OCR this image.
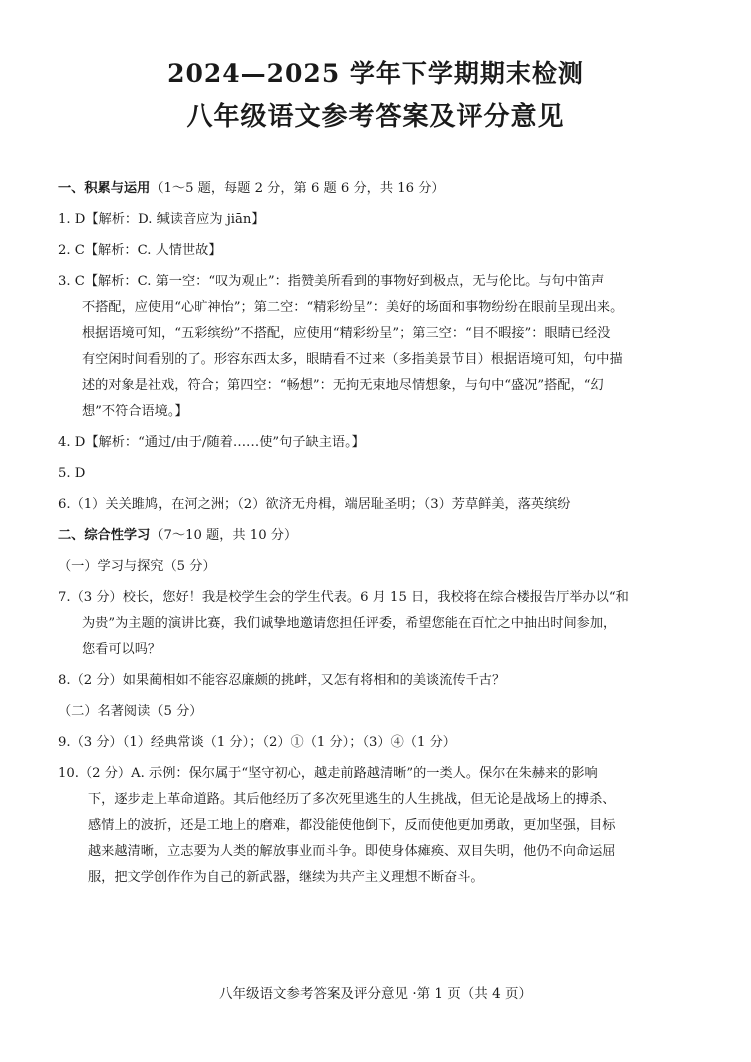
2024—2025 学年下学期期末检测
八年级语文参考答案及评分意见
一、积累与运用（1～5 题，每题 2 分，第 6 题 6 分，共 16 分）
1. D【解析：D. 缄读音应为 jiān】
2. C【解析：C. 人情世故】
3. C【解析：C. 第一空：“叹为观止”：指赞美所看到的事物好到极点，无与伦比。与句中笛声
不搭配，应使用“心旷神怡”；第二空：“精彩纷呈”：美好的场面和事物纷纷在眼前呈现出来。
根据语境可知，“五彩缤纷”不搭配，应使用“精彩纷呈”；第三空：“目不暇接”：眼睛已经没
有空闲时间看别的了。形容东西太多，眼睛看不过来（多指美景节目）根据语境可知，句中描
述的对象是社戏，符合；第四空：“畅想”：无拘无束地尽情想象，与句中“盛况”搭配，“幻
想”不符合语境。】
4. D【解析：“通过/由于/随着……使”句子缺主语。】
5. D
6.（1）关关雎鸠，在河之洲；（2）欲济无舟楫，端居耻圣明；（3）芳草鲜美，落英缤纷
二、综合性学习（7～10 题，共 10 分）
（一）学习与探究（5 分）
7.（3 分）校长，您好！我是校学生会的学生代表。6 月 15 日，我校将在综合楼报告厅举办以“和
为贵”为主题的演讲比赛，我们诚挚地邀请您担任评委，希望您能在百忙之中抽出时间参加，
您看可以吗？
8.（2 分）如果蔺相如不能容忍廉颇的挑衅，又怎有将相和的美谈流传千古？
（二）名著阅读（5 分）
9.（3 分）（1）经典常谈（1 分）；（2）①（1 分）；（3）④（1 分）
10.（2 分）A. 示例：保尔属于“坚守初心，越走前路越清晰”的一类人。保尔在朱赫来的影响
下，逐步走上革命道路。其后他经历了多次死里逃生的人生挑战，但无论是战场上的搏杀、
感情上的波折，还是工地上的磨难，都没能使他倒下，反而使他更加勇敢，更加坚强，目标
越来越清晰，立志要为人类的解放事业而斗争。即使身体瘫痪、双目失明，他仍不向命运屈
服，把文学创作作为自己的新武器，继续为共产主义理想不断奋斗。
八年级语文参考答案及评分意见 ·第 1 页（共 4 页）
